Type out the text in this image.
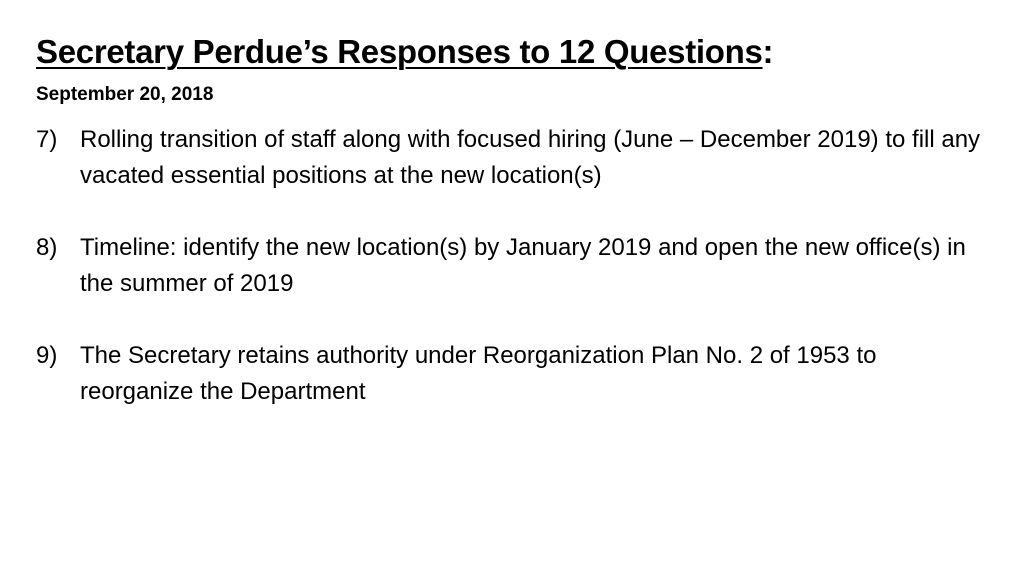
Secretary Perdue’s Responses to 12 Questions:
September 20, 2018
7) Rolling transition of staff along with focused hiring (June – December 2019) to fill any vacated essential positions at the new location(s)
8) Timeline: identify the new location(s) by January 2019 and open the new office(s) in the summer of 2019
9) The Secretary retains authority under Reorganization Plan No. 2 of 1953 to reorganize the Department
